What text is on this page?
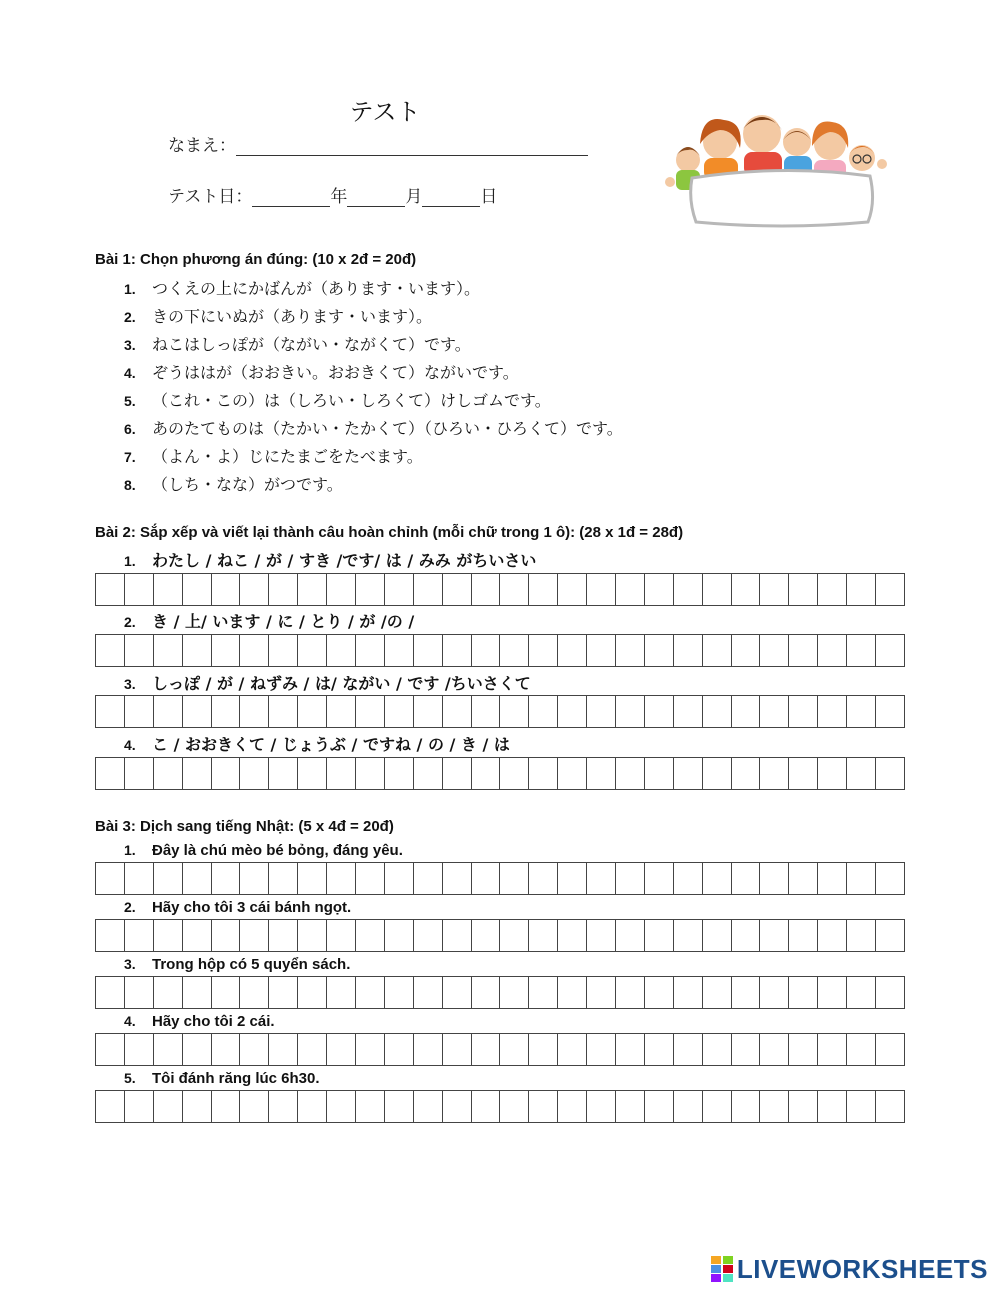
テスト
なまえ：
テスト日：	年	月	日
Bài 1: Chọn phương án đúng: (10 x 2đ = 20đ)
1. つくえの上にかばんが（あります・います）。
2. きの下にいぬが（あります・います）。
3. ねこはしっぽが（ながい・ながくて）です。
4. ぞうははが（おおきい。おおきくて）ながいです。
5. （これ・この）は（しろい・しろくて）けしゴムです。
6. あのたてものは（たかい・たかくて）（ひろい・ひろくて）です。
7. （よん・よ）じにたまごをたべます。
8. （しち・なな）がつです。
Bài 2: Sắp xếp và viết lại thành câu hoàn chỉnh (mỗi chữ trong 1 ô): (28 x 1đ = 28đ)
1. わたし / ねこ / が / すき /です/ は / みみ がちいさい
2. き / 上/ います / に / とり / が /の /
3. しっぽ / が / ねずみ / は/ ながい / です /ちいさくて
4. こ / おおきくて / じょうぶ / ですね / の / き / は
Bài 3: Dịch sang tiếng Nhật: (5 x 4đ = 20đ)
1. Đây là chú mèo bé bỏng, đáng yêu.
2. Hãy cho tôi 3 cái bánh ngọt.
3. Trong hộp có 5 quyển sách.
4. Hãy cho tôi 2 cái.
5. Tôi đánh răng lúc 6h30.
LIVEWORKSHEETS
